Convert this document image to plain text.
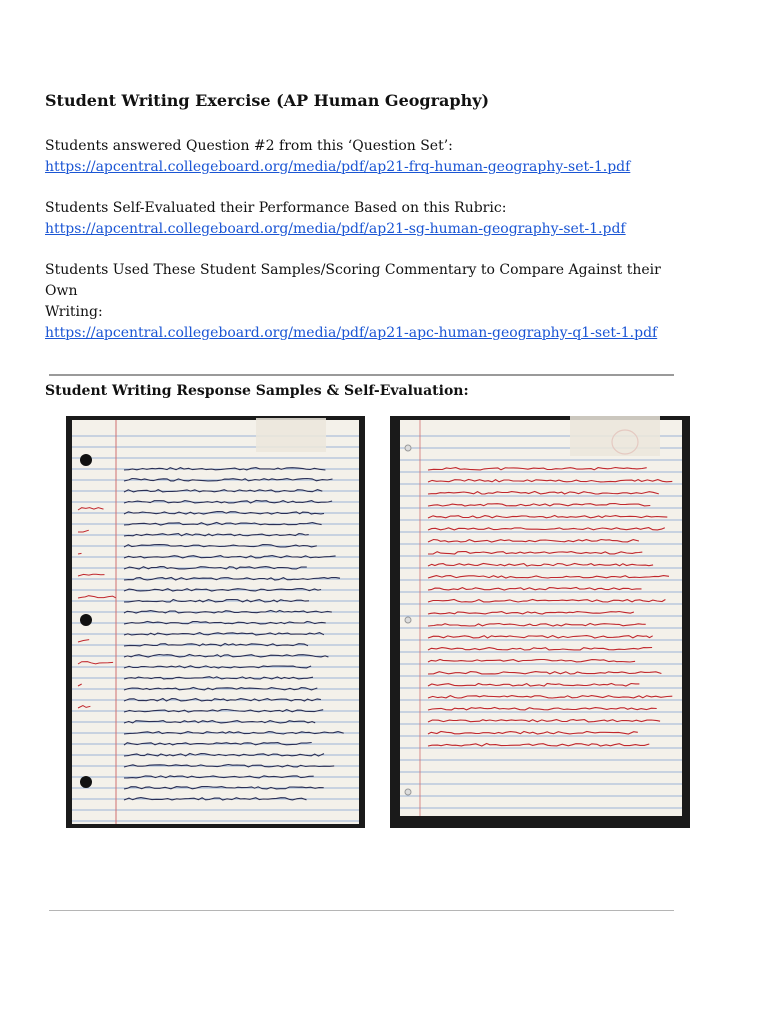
Student Writing Exercise (AP Human Geography)

Students answered Question #2 from this ‘Question Set’:

https://apcentral.collegeboard.org/media/pdf/ap21-frq-human-geography-set-1.pdf

Students Self-Evaluated their Performance Based on this Rubric:

https://apcentral.collegeboard.org/media/pdf/ap21-sg-human-geography-set-1.pdf

Students Used These Student Samples/Scoring Commentary to Compare Against their Own

Writing:

https://apcentral.collegeboard.org/media/pdf/ap21-apc-human-geography-q1-set-1.pdf
Student Writing Response Samples & Self-Evaluation:
